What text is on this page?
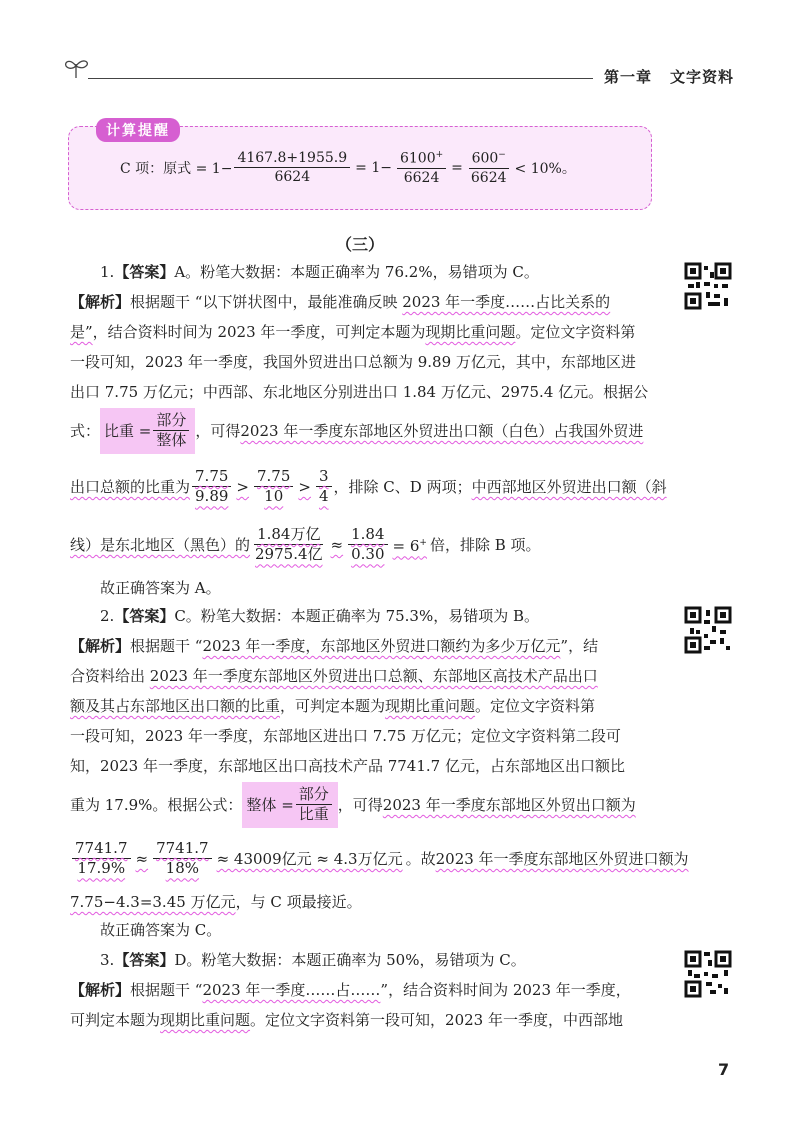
第一章 文字资料
计算提醒
C 项：原式 = $1- \frac{4167.8+1955.9}{6624} = 1- \frac{6100^+}{6624} = \frac{600^-}{6624} < 10\%$。
（三）
1.【答案】A。粉笔大数据：本题正确率为 76.2%，易错项为 C。
【解析】根据题干 “以下饼状图中，最能准确反映 2023 年一季度……占比关系的
是”，结合资料时间为 2023 年一季度，可判定本题为现期比重问题。定位文字资料第
一段可知，2023 年一季度，我国外贸进出口总额为 9.89 万亿元，其中，东部地区进
出口 7.75 万亿元；中西部、东北地区分别进出口 1.84 万亿元、2975.4 亿元。根据公
式： 比重 = $\frac{\text{部分}}{\text{整体}}$ ，可得 2023 年一季度东部地区外贸进出口额（白色）占我国外贸进
出口总额的比重为 $\frac{7.75}{9.89} > \frac{7.75}{10} > \frac{3}{4}$ ，排除 C、D 两项； 中西部地区外贸进出口额（斜
线）是东北地区（黑色）的 $\frac{\text{1.84万亿}}{\text{2975.4亿}} \approx \frac{1.84}{0.30} = 6^+$ 倍，排除 B 项。
故正确答案为 A。
2.【答案】C。粉笔大数据：本题正确率为 75.3%，易错项为 B。
【解析】根据题干 “2023 年一季度，东部地区外贸进口额约为多少万亿元”，结
合资料给出 2023 年一季度东部地区外贸进出口总额、东部地区高技术产品出口
额及其占东部地区出口额的比重，可判定本题为现期比重问题。定位文字资料第
一段可知，2023 年一季度，东部地区进出口 7.75 万亿元；定位文字资料第二段可
知，2023 年一季度，东部地区出口高技术产品 7741.7 亿元，占东部地区出口额比
重为 17.9%。根据公式： 整体 = $\frac{\text{部分}}{\text{比重}}$ ，可得 2023 年一季度东部地区外贸出口额为
$\frac{7741.7}{17.9\%} \approx \frac{7741.7}{18\%} \approx 43009$亿元 ≈ 4.3万亿元 。故 2023 年一季度东部地区外贸进口额为
7.75−4.3=3.45 万亿元，与 C 项最接近。
故正确答案为 C。
3.【答案】D。粉笔大数据：本题正确率为 50%，易错项为 C。
【解析】根据题干 “2023 年一季度……占……”，结合资料时间为 2023 年一季度，
可判定本题为现期比重问题。定位文字资料第一段可知，2023 年一季度，中西部地
7
